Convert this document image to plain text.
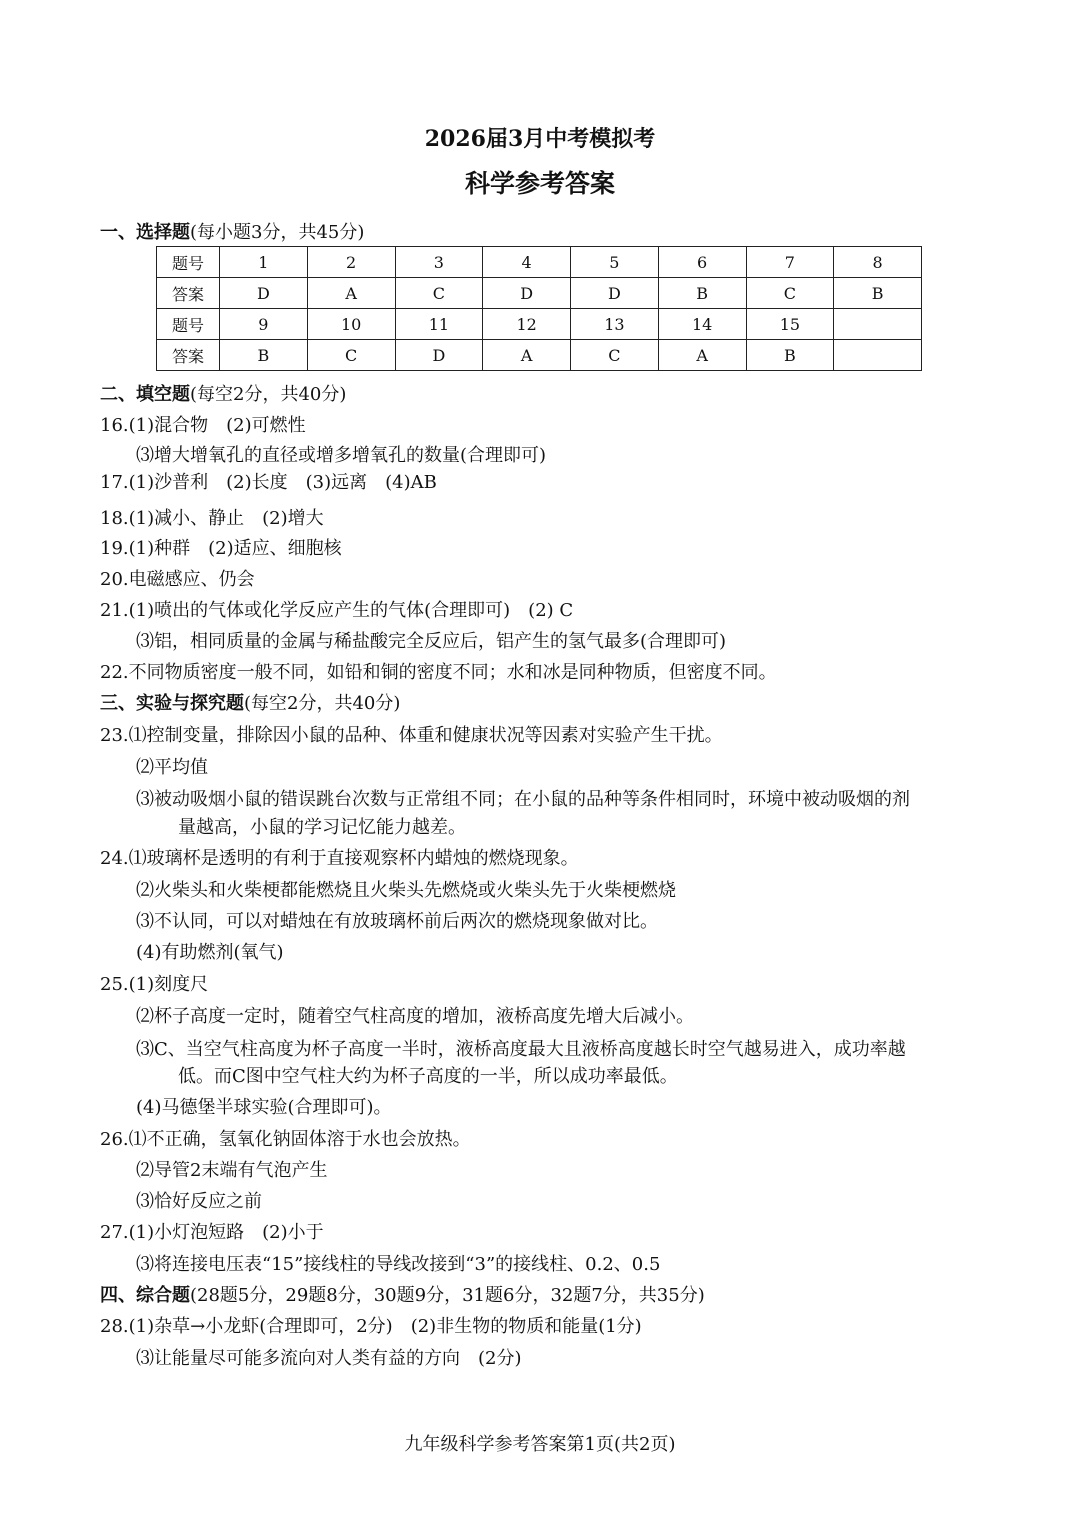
2026届3月中考模拟考
科学参考答案
一、选择题(每小题3分，共45分)
题号	1	2	3	4	5	6	7	8
答案	D	A	C	D	D	B	C	B
题号	9	10	11	12	13	14	15	
答案	B	C	D	A	C	A	B	
二、填空题(每空2分，共40分)
16.(1)混合物　(2)可燃性
⑶增大增氧孔的直径或增多增氧孔的数量(合理即可)
17.(1)沙普利　(2)长度　(3)远离　(4)AB
18.(1)减小、静止　(2)增大
19.(1)种群　(2)适应、细胞核
20.电磁感应、仍会
21.(1)喷出的气体或化学反应产生的气体(合理即可)　(2) C
⑶铝，相同质量的金属与稀盐酸完全反应后，铝产生的氢气最多(合理即可)
22.不同物质密度一般不同，如铅和铜的密度不同；水和冰是同种物质，但密度不同。
三、实验与探究题(每空2分，共40分)
23.⑴控制变量，排除因小鼠的品种、体重和健康状况等因素对实验产生干扰。
⑵平均值
⑶被动吸烟小鼠的错误跳台次数与正常组不同；在小鼠的品种等条件相同时，环境中被动吸烟的剂
量越高，小鼠的学习记忆能力越差。
24.⑴玻璃杯是透明的有利于直接观察杯内蜡烛的燃烧现象。
⑵火柴头和火柴梗都能燃烧且火柴头先燃烧或火柴头先于火柴梗燃烧
⑶不认同，可以对蜡烛在有放玻璃杯前后两次的燃烧现象做对比。
(4)有助燃剂(氧气)
25.(1)刻度尺
⑵杯子高度一定时，随着空气柱高度的增加，液桥高度先增大后减小。
⑶C、当空气柱高度为杯子高度一半时，液桥高度最大且液桥高度越长时空气越易进入，成功率越
低。而C图中空气柱大约为杯子高度的一半，所以成功率最低。
(4)马德堡半球实验(合理即可)。
26.⑴不正确，氢氧化钠固体溶于水也会放热。
⑵导管2末端有气泡产生
⑶恰好反应之前
27.(1)小灯泡短路　(2)小于
⑶将连接电压表“15”接线柱的导线改接到“3”的接线柱、0.2、0.5
四、综合题(28题5分，29题8分，30题9分，31题6分，32题7分，共35分)
28.(1)杂草→小龙虾(合理即可，2分)　(2)非生物的物质和能量(1分)
⑶让能量尽可能多流向对人类有益的方向　(2分)
九年级科学参考答案第1页(共2页)
